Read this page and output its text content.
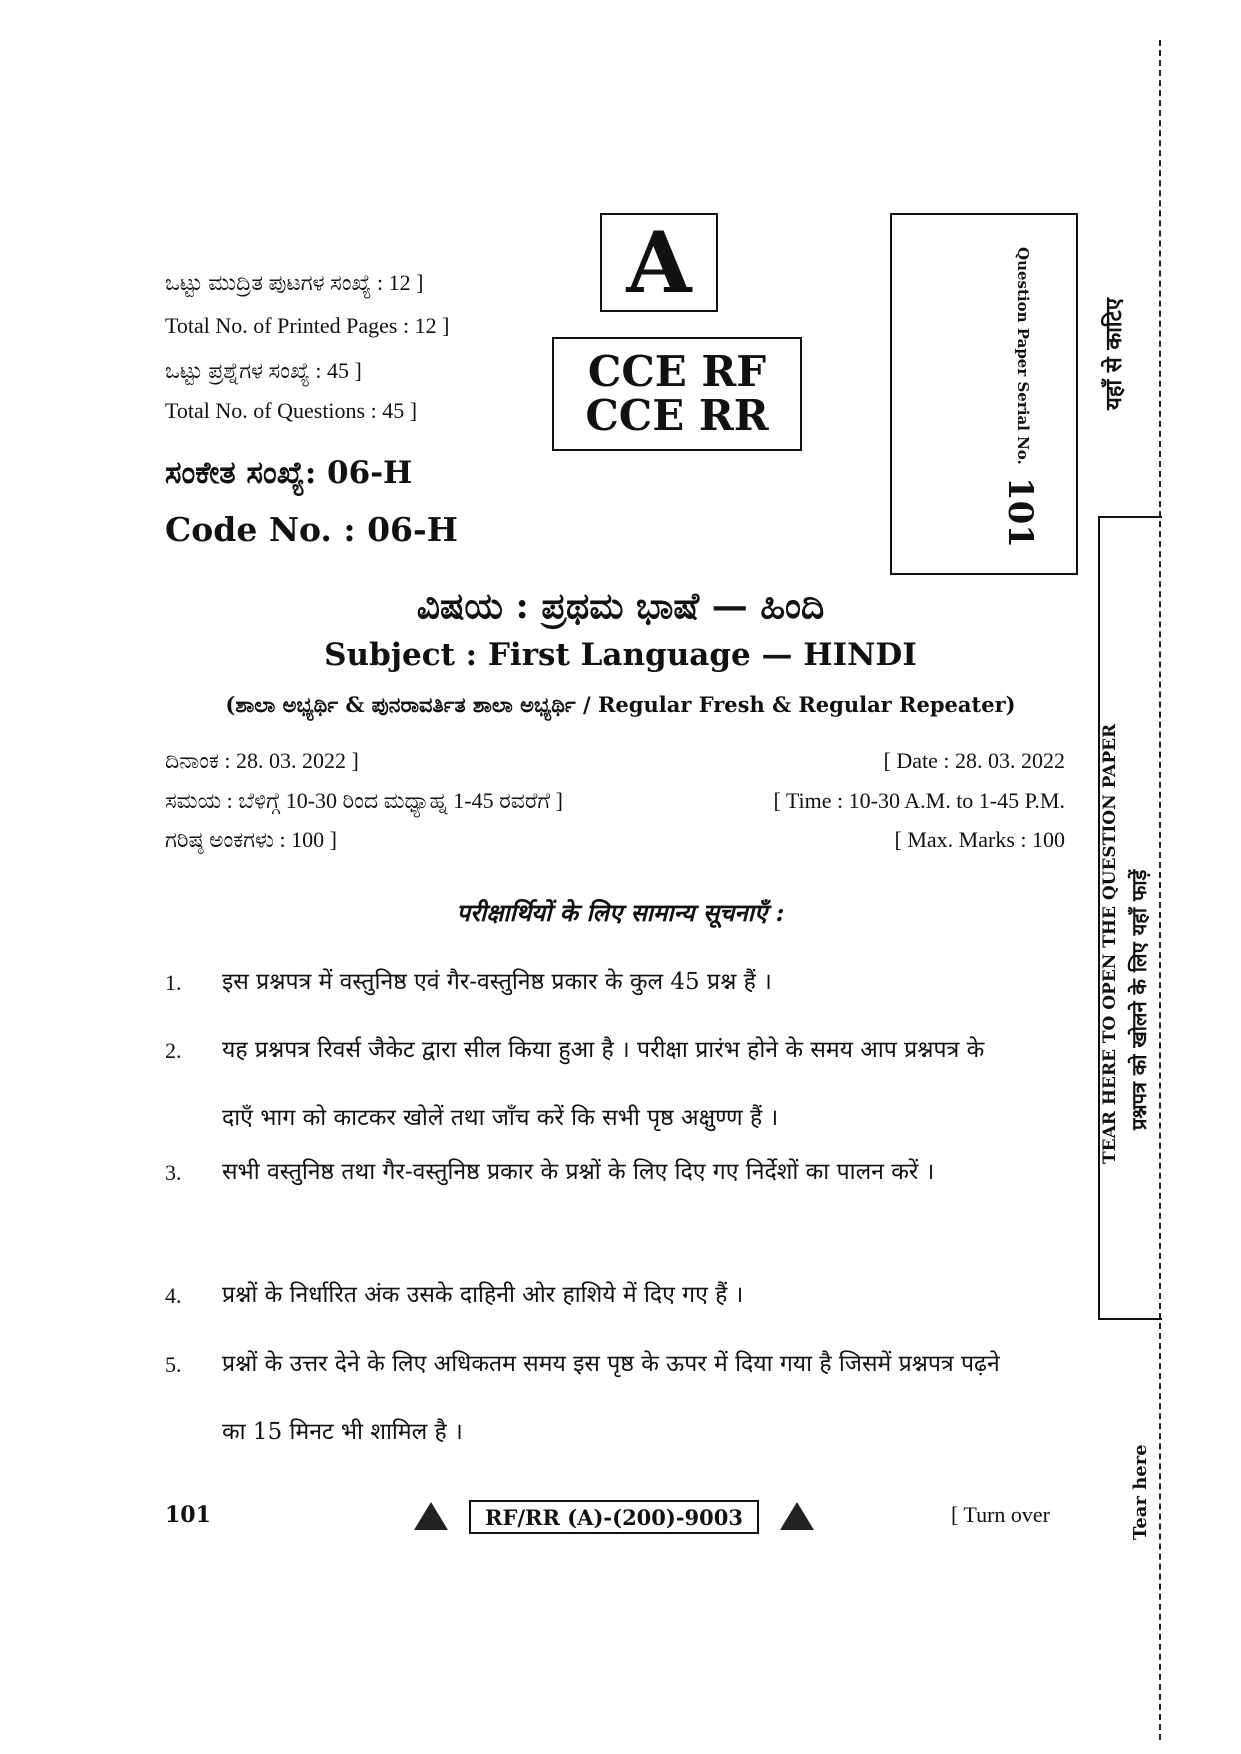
ಒಟ್ಟು ಮುದ್ರಿತ ಪುಟಗಳ ಸಂಖ್ಯೆ : 12 ]
Total No. of Printed Pages : 12 ]
ಒಟ್ಟು ಪ್ರಶ್ನೆಗಳ ಸಂಖ್ಯೆ : 45 ]
Total No. of Questions : 45 ]
ಸಂಕೇತ ಸಂಖ್ಯೆ: 06-H
Code No. : 06-H
A
CCE RF
CCE RR	Question Paper Serial No.
101
यहाँ से काटिए
TEAR HERE TO OPEN THE QUESTION PAPER प्रश्नपत्र को खोलने के लिए यहाँ फाड़ें
Tear here
ವಿಷಯ : ಪ್ರಥಮ ಭಾಷೆ — ಹಿಂದಿ
Subject : First Language — HINDI
(ಶಾಲಾ ಅಭ್ಯರ್ಥಿ & ಪುನರಾವರ್ತಿತ ಶಾಲಾ ಅಭ್ಯರ್ಥಿ / Regular Fresh & Regular Repeater)
ದಿನಾಂಕ : 28. 03. 2022 ]	[ Date : 28. 03. 2022
ಸಮಯ : ಬೆಳಿಗ್ಗೆ 10-30 ರಿಂದ ಮಧ್ಯಾಹ್ನ 1-45 ರವರೆಗೆ ]	[ Time : 10-30 A.M. to 1-45 P.M.
ಗರಿಷ್ಠ ಅಂಕಗಳು : 100 ]	[ Max. Marks : 100
परीक्षार्थियों के लिए सामान्य सूचनाएँ :
1. इस प्रश्नपत्र में वस्तुनिष्ठ एवं गैर-वस्तुनिष्ठ प्रकार के कुल 45 प्रश्न हैं ।
2. यह प्रश्नपत्र रिवर्स जैकेट द्वारा सील किया हुआ है । परीक्षा प्रारंभ होने के समय आप प्रश्नपत्र के दाएँ भाग को काटकर खोलें तथा जाँच करें कि सभी पृष्ठ अक्षुण्ण हैं ।
3. सभी वस्तुनिष्ठ तथा गैर-वस्तुनिष्ठ प्रकार के प्रश्नों के लिए दिए गए निर्देशों का पालन करें ।
4. प्रश्नों के निर्धारित अंक उसके दाहिनी ओर हाशिये में दिए गए हैं ।
5. प्रश्नों के उत्तर देने के लिए अधिकतम समय इस पृष्ठ के ऊपर में दिया गया है जिसमें प्रश्नपत्र पढ़ने का 15 मिनट भी शामिल है ।
101	RF/RR (A)-(200)-9003	[ Turn over
